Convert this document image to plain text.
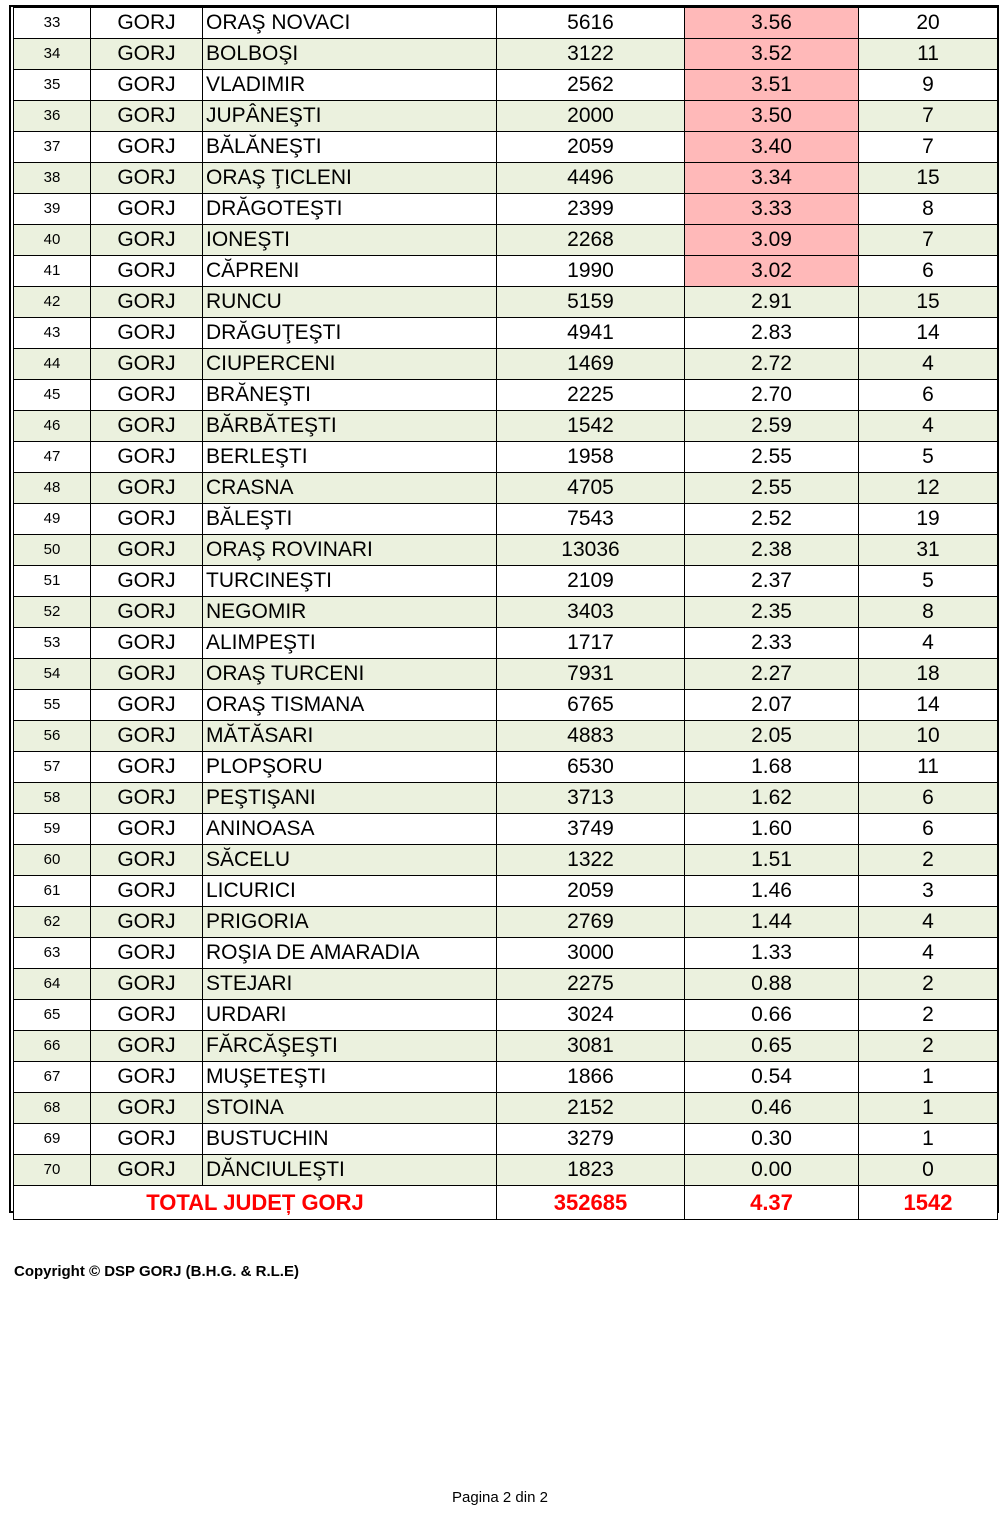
33	GORJ	ORAŞ NOVACI	5616	3.56	20
34	GORJ	BOLBOŞI	3122	3.52	11
35	GORJ	VLADIMIR	2562	3.51	9
36	GORJ	JUPÂNEŞTI	2000	3.50	7
37	GORJ	BĂLĂNEŞTI	2059	3.40	7
38	GORJ	ORAŞ ŢICLENI	4496	3.34	15
39	GORJ	DRĂGOTEŞTI	2399	3.33	8
40	GORJ	IONEŞTI	2268	3.09	7
41	GORJ	CĂPRENI	1990	3.02	6
42	GORJ	RUNCU	5159	2.91	15
43	GORJ	DRĂGUŢEŞTI	4941	2.83	14
44	GORJ	CIUPERCENI	1469	2.72	4
45	GORJ	BRĂNEŞTI	2225	2.70	6
46	GORJ	BĂRBĂTEŞTI	1542	2.59	4
47	GORJ	BERLEŞTI	1958	2.55	5
48	GORJ	CRASNA	4705	2.55	12
49	GORJ	BĂLEŞTI	7543	2.52	19
50	GORJ	ORAŞ ROVINARI	13036	2.38	31
51	GORJ	TURCINEŞTI	2109	2.37	5
52	GORJ	NEGOMIR	3403	2.35	8
53	GORJ	ALIMPEŞTI	1717	2.33	4
54	GORJ	ORAŞ TURCENI	7931	2.27	18
55	GORJ	ORAŞ TISMANA	6765	2.07	14
56	GORJ	MĂTĂSARI	4883	2.05	10
57	GORJ	PLOPŞORU	6530	1.68	11
58	GORJ	PEŞTIŞANI	3713	1.62	6
59	GORJ	ANINOASA	3749	1.60	6
60	GORJ	SĂCELU	1322	1.51	2
61	GORJ	LICURICI	2059	1.46	3
62	GORJ	PRIGORIA	2769	1.44	4
63	GORJ	ROŞIA DE AMARADIA	3000	1.33	4
64	GORJ	STEJARI	2275	0.88	2
65	GORJ	URDARI	3024	0.66	2
66	GORJ	FĂRCĂŞEŞTI	3081	0.65	2
67	GORJ	MUŞETEŞTI	1866	0.54	1
68	GORJ	STOINA	2152	0.46	1
69	GORJ	BUSTUCHIN	3279	0.30	1
70	GORJ	DĂNCIULEŞTI	1823	0.00	0
TOTAL JUDEȚ GORJ			352685	4.37	1542
Copyright © DSP GORJ (B.H.G. & R.L.E)
Pagina 2 din 2
